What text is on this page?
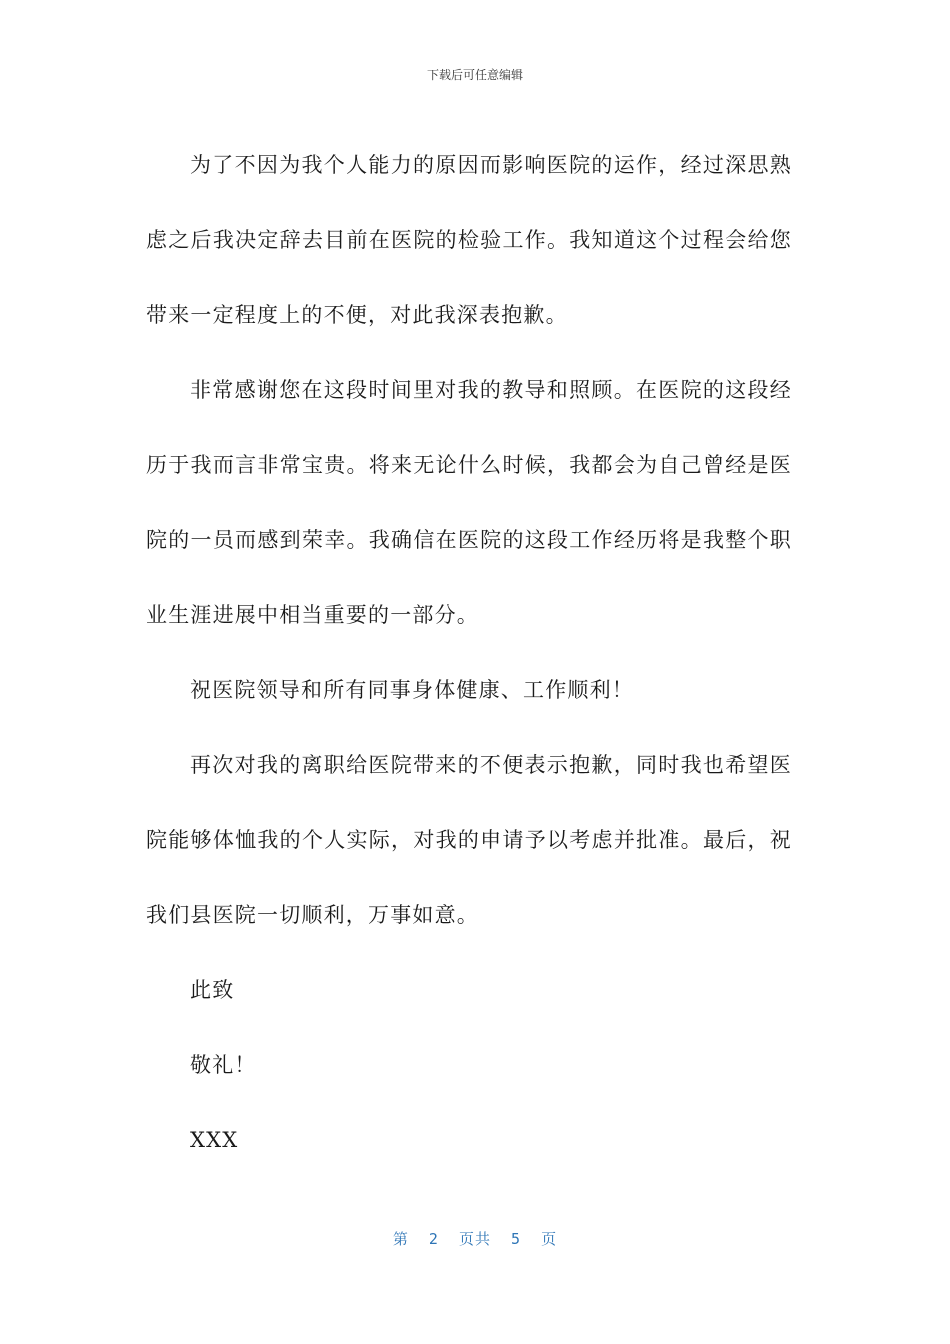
下载后可任意编辑

为了不因为我个人能力的原因而影响医院的运作，经过深思熟虑之后我决定辞去目前在医院的检验工作。我知道这个过程会给您带来一定程度上的不便，对此我深表抱歉。

非常感谢您在这段时间里对我的教导和照顾。在医院的这段经历于我而言非常宝贵。将来无论什么时候，我都会为自己曾经是医院的一员而感到荣幸。我确信在医院的这段工作经历将是我整个职业生涯进展中相当重要的一部分。

祝医院领导和所有同事身体健康、工作顺利！

再次对我的离职给医院带来的不便表示抱歉，同时我也希望医院能够体恤我的个人实际，对我的申请予以考虑并批准。最后，祝我们县医院一切顺利，万事如意。

此致

敬礼！

XXX

第  2  页共  5  页
